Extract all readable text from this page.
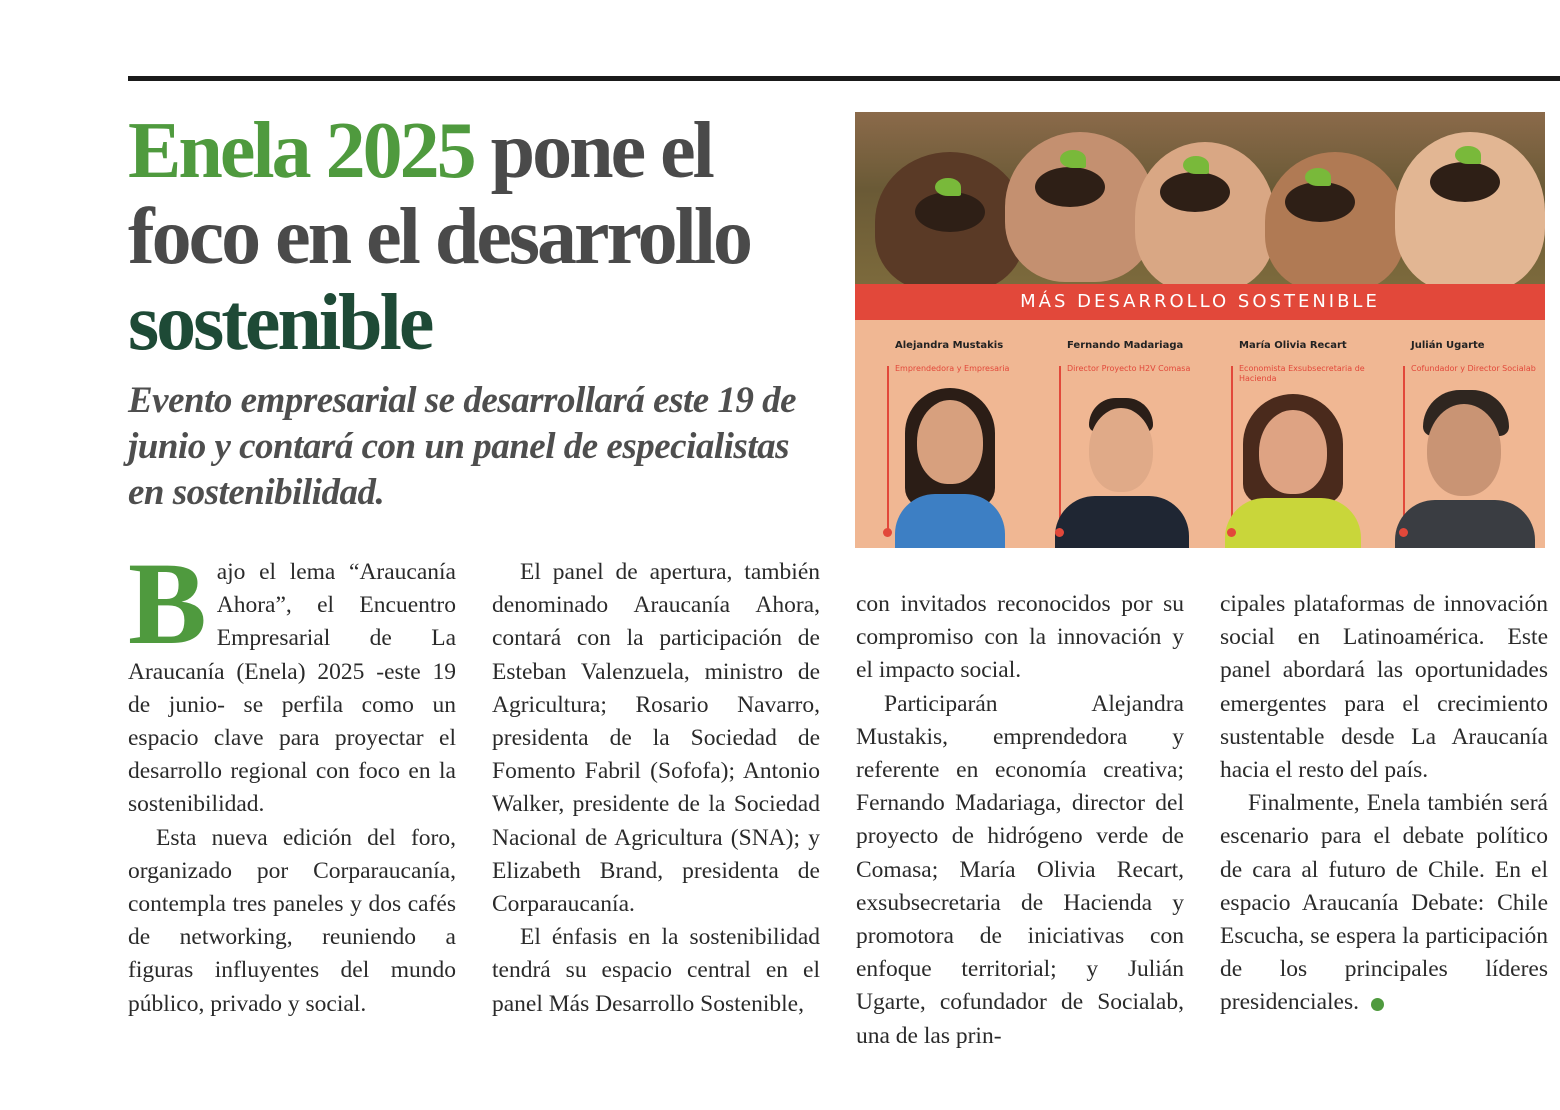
Enela 2025 pone el foco en el desarrollo sostenible
Evento empresarial se desarrollará este 19 de junio y contará con un panel de especialistas en sostenibilidad.

Bajo el lema “Araucanía Ahora”, el Encuentro Empresarial de La Araucanía (Enela) 2025 -este 19 de junio- se perfila como un espacio clave para proyectar el desarrollo regional con foco en la sostenibilidad.

Esta nueva edición del foro, organizado por Corparaucanía, contempla tres paneles y dos cafés de networking, reuniendo a figuras influyentes del mundo público, privado y social.

El panel de apertura, también denominado Araucanía Ahora, contará con la participación de Esteban Valenzuela, ministro de Agricultura; Rosario Navarro, presidenta de la Sociedad de Fomento Fabril (Sofofa); Antonio Walker, presidente de la Sociedad Nacional de Agricultura (SNA); y Elizabeth Brand, presidenta de Corparaucanía.

El énfasis en la sostenibilidad tendrá su espacio central en el panel Más Desarrollo Sostenible,

con invitados reconocidos por su compromiso con la innovación y el impacto social.

Participarán Alejandra Mustakis, emprendedora y referente en economía creativa; Fernando Madariaga, director del proyecto de hidrógeno verde de Comasa; María Olivia Recart, exsubsecretaria de Hacienda y promotora de iniciativas con enfoque territorial; y Julián Ugarte, cofundador de Socialab, una de las prin-

cipales plataformas de innovación social en Latinoamérica. Este panel abordará las oportunidades emergentes para el crecimiento sustentable desde La Araucanía hacia el resto del país.

Finalmente, Enela también será escenario para el debate político de cara al futuro de Chile. En el espacio Araucanía Debate: Chile Escucha, se espera la participación de los principales líderes presidenciales.

MÁS DESARROLLO SOSTENIBLE
Alejandra Mustakis
Emprendedora y Empresaria
Fernando Madariaga
Director Proyecto H2V Comasa
María Olivia Recart
Economista Exsubsecretaria de Hacienda
Julián Ugarte
Cofundador y Director Socialab
